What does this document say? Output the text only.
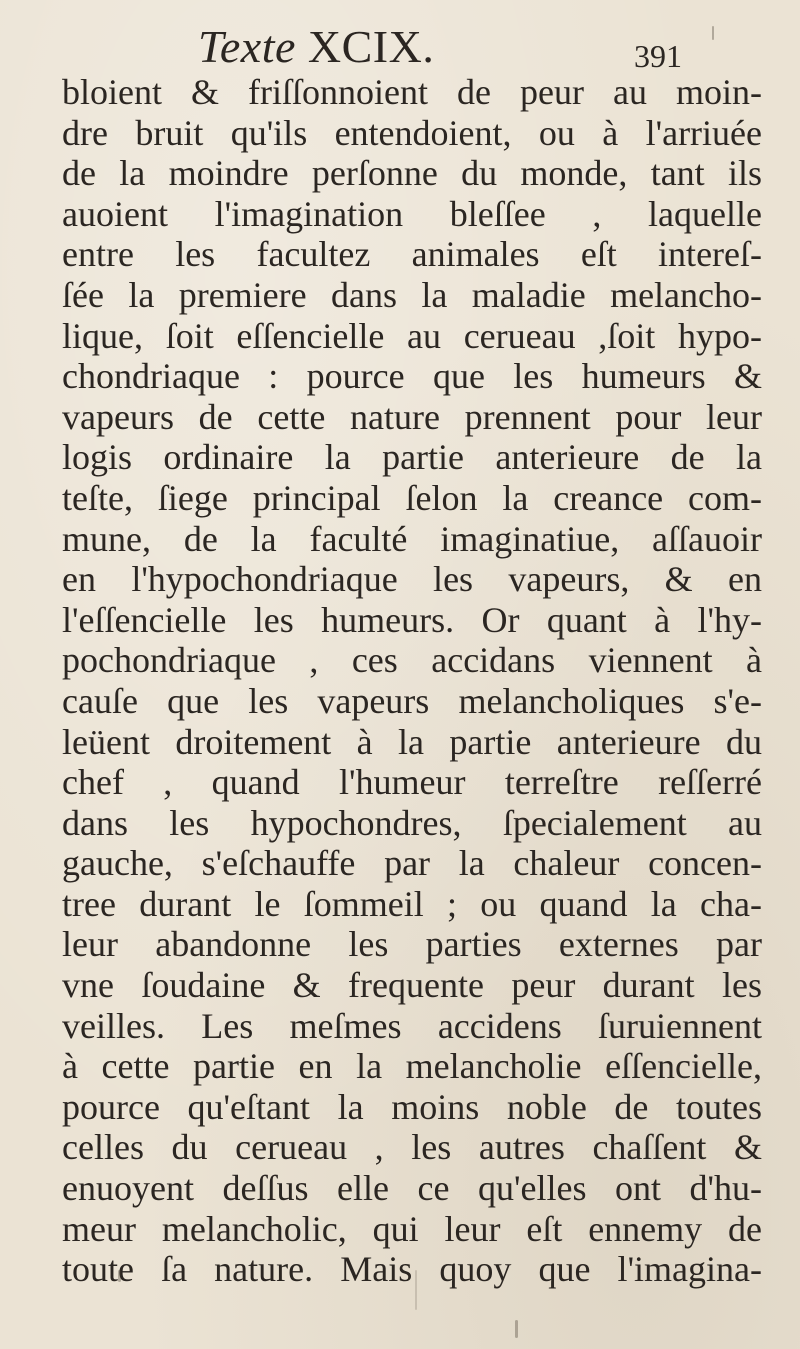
Texte XCIX.	391
bloient & friſſonnoient de peur au moin-
dre bruit qu'ils entendoient, ou à l'arriuée
de la moindre perſonne du monde, tant ils
auoient l'imagination bleſſee , laquelle
entre les facultez animales eſt intereſ-
ſée la premiere dans la maladie melancho-
lique, ſoit eſſencielle au cerueau ,ſoit hypo-
chondriaque : pource que les humeurs &
vapeurs de cette nature prennent pour leur
logis ordinaire la partie anterieure de la
teſte, ſiege principal ſelon la creance com-
mune, de la faculté imaginatiue, aſſauoir
en l'hypochondriaque les vapeurs, & en
l'eſſencielle les humeurs. Or quant à l'hy-
pochondriaque , ces accidans viennent à
cauſe que les vapeurs melancholiques s'e-
leüent droitement à la partie anterieure du
chef , quand l'humeur terreſtre reſſerré
dans les hypochondres, ſpecialement au
gauche, s'eſchauffe par la chaleur concen-
tree durant le ſommeil ; ou quand la cha-
leur abandonne les parties externes par
vne ſoudaine & frequente peur durant les
veilles. Les meſmes accidens ſuruiennent
à cette partie en la melancholie eſſencielle,
pource qu'eſtant la moins noble de toutes
celles du cerueau , les autres chaſſent &
enuoyent deſſus elle ce qu'elles ont d'hu-
meur melancholic, qui leur eſt ennemy de
toute ſa nature. Mais quoy que l'imagina-
